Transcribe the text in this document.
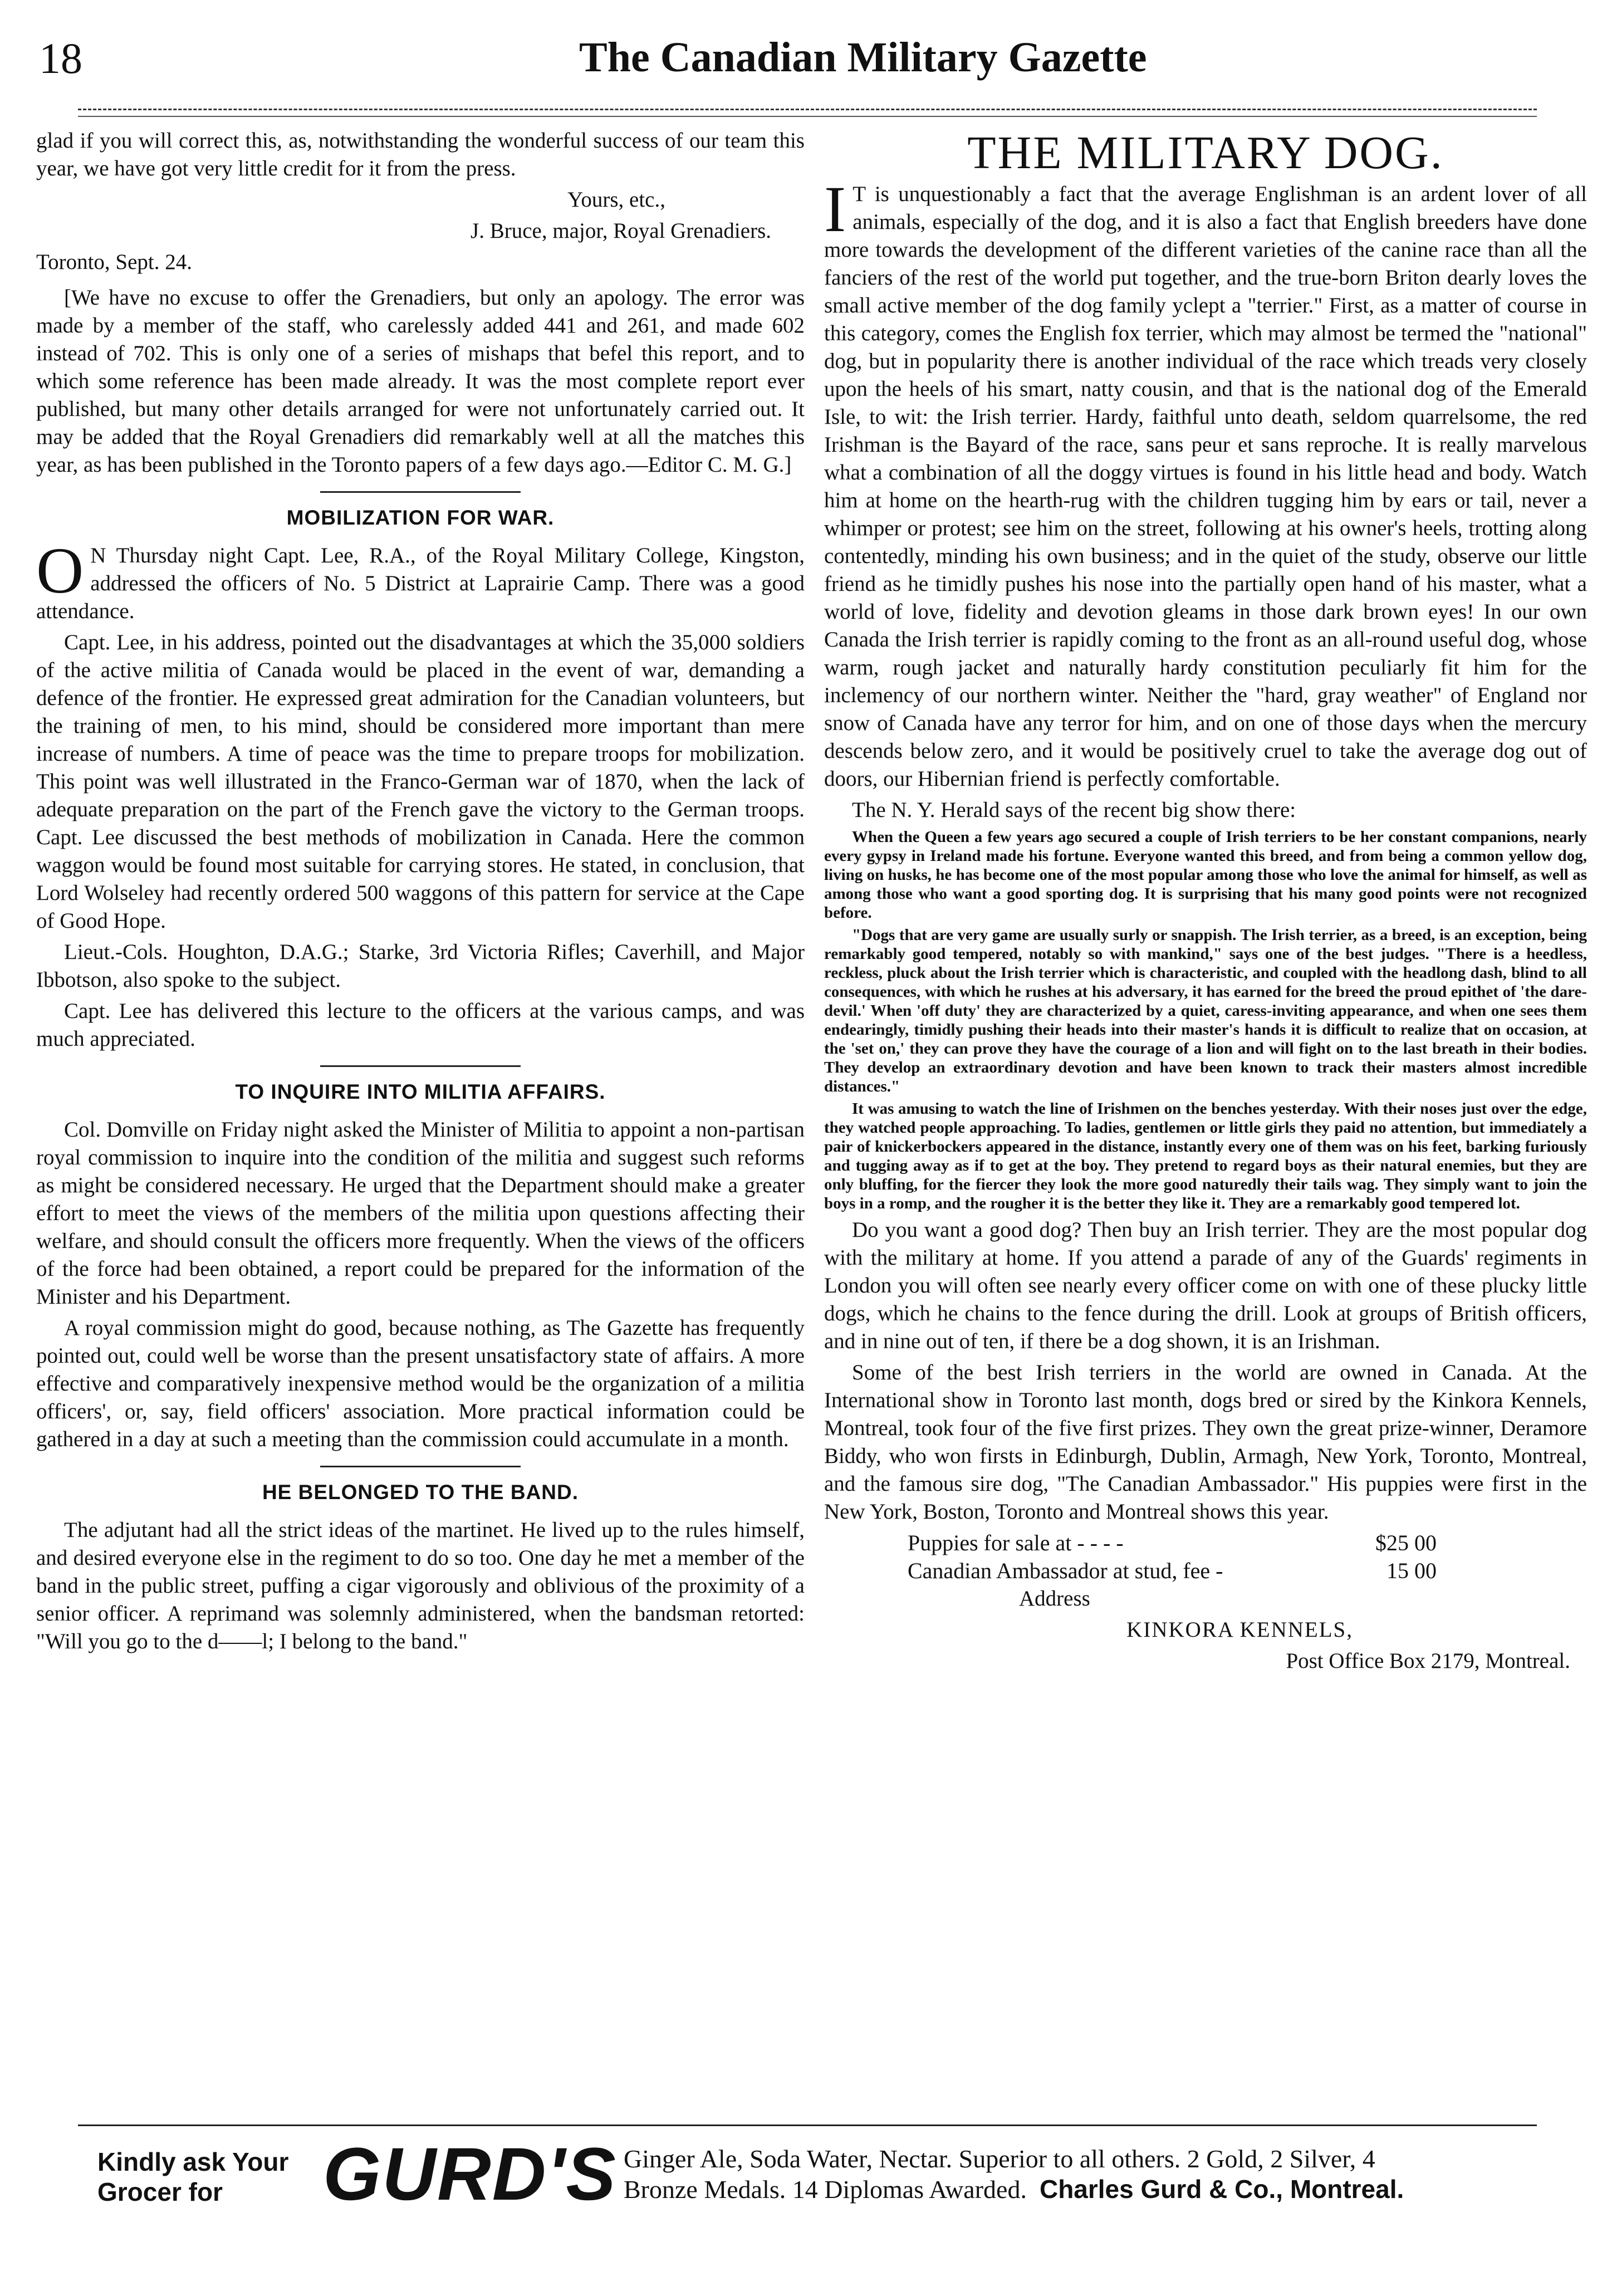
18	The Canadian Military Gazette

glad if you will correct this, as, notwithstanding the wonderful success of our team this year, we have got very little credit for it from the press.

Yours, etc.,

J. Bruce, major, Royal Grenadiers.

Toronto, Sept. 24.

[We have no excuse to offer the Grenadiers, but only an apology. The error was made by a member of the staff, who carelessly added 441 and 261, and made 602 instead of 702. This is only one of a series of mishaps that befel this report, and to which some reference has been made already. It was the most complete report ever published, but many other details arranged for were not unfortunately carried out. It may be added that the Royal Grenadiers did remarkably well at all the matches this year, as has been published in the Toronto papers of a few days ago.—Editor C. M. G.]

MOBILIZATION FOR WAR.

O N Thursday night Capt. Lee, R.A., of the Royal Military College, Kingston, addressed the officers of No. 5 District at Laprairie Camp. There was a good attendance.

Capt. Lee, in his address, pointed out the disadvantages at which the 35,000 soldiers of the active militia of Canada would be placed in the event of war, demanding a defence of the frontier. He expressed great admiration for the Canadian volunteers, but the training of men, to his mind, should be considered more important than mere increase of numbers. A time of peace was the time to prepare troops for mobilization. This point was well illustrated in the Franco-German war of 1870, when the lack of adequate preparation on the part of the French gave the victory to the German troops. Capt. Lee discussed the best methods of mobilization in Canada. Here the common waggon would be found most suitable for carrying stores. He stated, in conclusion, that Lord Wolseley had recently ordered 500 waggons of this pattern for service at the Cape of Good Hope.

Lieut.-Cols. Houghton, D.A.G.; Starke, 3rd Victoria Rifles; Caverhill, and Major Ibbotson, also spoke to the subject.

Capt. Lee has delivered this lecture to the officers at the various camps, and was much appreciated.

TO INQUIRE INTO MILITIA AFFAIRS.

Col. Domville on Friday night asked the Minister of Militia to appoint a non-partisan royal commission to inquire into the condition of the militia and suggest such reforms as might be considered necessary. He urged that the Department should make a greater effort to meet the views of the members of the militia upon questions affecting their welfare, and should consult the officers more frequently. When the views of the officers of the force had been obtained, a report could be prepared for the information of the Minister and his Department.

A royal commission might do good, because nothing, as The Gazette has frequently pointed out, could well be worse than the present unsatisfactory state of affairs. A more effective and comparatively inexpensive method would be the organization of a militia officers', or, say, field officers' association. More practical information could be gathered in a day at such a meeting than the commission could accumulate in a month.

HE BELONGED TO THE BAND.

The adjutant had all the strict ideas of the martinet. He lived up to the rules himself, and desired everyone else in the regiment to do so too. One day he met a member of the band in the public street, puffing a cigar vigorously and oblivious of the proximity of a senior officer. A reprimand was solemnly administered, when the bandsman retorted: "Will you go to the d——l; I belong to the band."

THE MILITARY DOG.

I T is unquestionably a fact that the average Englishman is an ardent lover of all animals, especially of the dog, and it is also a fact that English breeders have done more towards the development of the different varieties of the canine race than all the fanciers of the rest of the world put together, and the true-born Briton dearly loves the small active member of the dog family yclept a "terrier." First, as a matter of course in this category, comes the English fox terrier, which may almost be termed the "national" dog, but in popularity there is another individual of the race which treads very closely upon the heels of his smart, natty cousin, and that is the national dog of the Emerald Isle, to wit: the Irish terrier. Hardy, faithful unto death, seldom quarrelsome, the red Irishman is the Bayard of the race, sans peur et sans reproche. It is really marvelous what a combination of all the doggy virtues is found in his little head and body. Watch him at home on the hearth-rug with the children tugging him by ears or tail, never a whimper or protest; see him on the street, following at his owner's heels, trotting along contentedly, minding his own business; and in the quiet of the study, observe our little friend as he timidly pushes his nose into the partially open hand of his master, what a world of love, fidelity and devotion gleams in those dark brown eyes! In our own Canada the Irish terrier is rapidly coming to the front as an all-round useful dog, whose warm, rough jacket and naturally hardy constitution peculiarly fit him for the inclemency of our northern winter. Neither the "hard, gray weather" of England nor snow of Canada have any terror for him, and on one of those days when the mercury descends below zero, and it would be positively cruel to take the average dog out of doors, our Hibernian friend is perfectly comfortable.

The N. Y. Herald says of the recent big show there:

When the Queen a few years ago secured a couple of Irish terriers to be her constant companions, nearly every gypsy in Ireland made his fortune. Everyone wanted this breed, and from being a common yellow dog, living on husks, he has become one of the most popular among those who love the animal for himself, as well as among those who want a good sporting dog. It is surprising that his many good points were not recognized before.

"Dogs that are very game are usually surly or snappish. The Irish terrier, as a breed, is an exception, being remarkably good tempered, notably so with mankind," says one of the best judges. "There is a heedless, reckless, pluck about the Irish terrier which is characteristic, and coupled with the headlong dash, blind to all consequences, with which he rushes at his adversary, it has earned for the breed the proud epithet of 'the dare-devil.' When 'off duty' they are characterized by a quiet, caress-inviting appearance, and when one sees them endearingly, timidly pushing their heads into their master's hands it is difficult to realize that on occasion, at the 'set on,' they can prove they have the courage of a lion and will fight on to the last breath in their bodies. They develop an extraordinary devotion and have been known to track their masters almost incredible distances."

It was amusing to watch the line of Irishmen on the benches yesterday. With their noses just over the edge, they watched people approaching. To ladies, gentlemen or little girls they paid no attention, but immediately a pair of knickerbockers appeared in the distance, instantly every one of them was on his feet, barking furiously and tugging away as if to get at the boy. They pretend to regard boys as their natural enemies, but they are only bluffing, for the fiercer they look the more good naturedly their tails wag. They simply want to join the boys in a romp, and the rougher it is the better they like it. They are a remarkably good tempered lot.

Do you want a good dog? Then buy an Irish terrier. They are the most popular dog with the military at home. If you attend a parade of any of the Guards' regiments in London you will often see nearly every officer come on with one of these plucky little dogs, which he chains to the fence during the drill. Look at groups of British officers, and in nine out of ten, if there be a dog shown, it is an Irishman.

Some of the best Irish terriers in the world are owned in Canada. At the International show in Toronto last month, dogs bred or sired by the Kinkora Kennels, Montreal, took four of the five first prizes. They own the great prize-winner, Deramore Biddy, who won firsts in Edinburgh, Dublin, Armagh, New York, Toronto, Montreal, and the famous sire dog, "The Canadian Ambassador." His puppies were first in the New York, Boston, Toronto and Montreal shows this year.

Puppies for sale at - - - -	$25 00
Canadian Ambassador at stud, fee -	15 00

Address

KINKORA KENNELS,

Post Office Box 2179, Montreal.

Kindly ask Your
Grocer for	GURD'S Ginger Ale, Soda Water, Nectar. Superior to all others. 2 Gold, 2 Silver, 4
Bronze Medals. 14 Diplomas Awarded. Charles Gurd & Co., Montreal.
